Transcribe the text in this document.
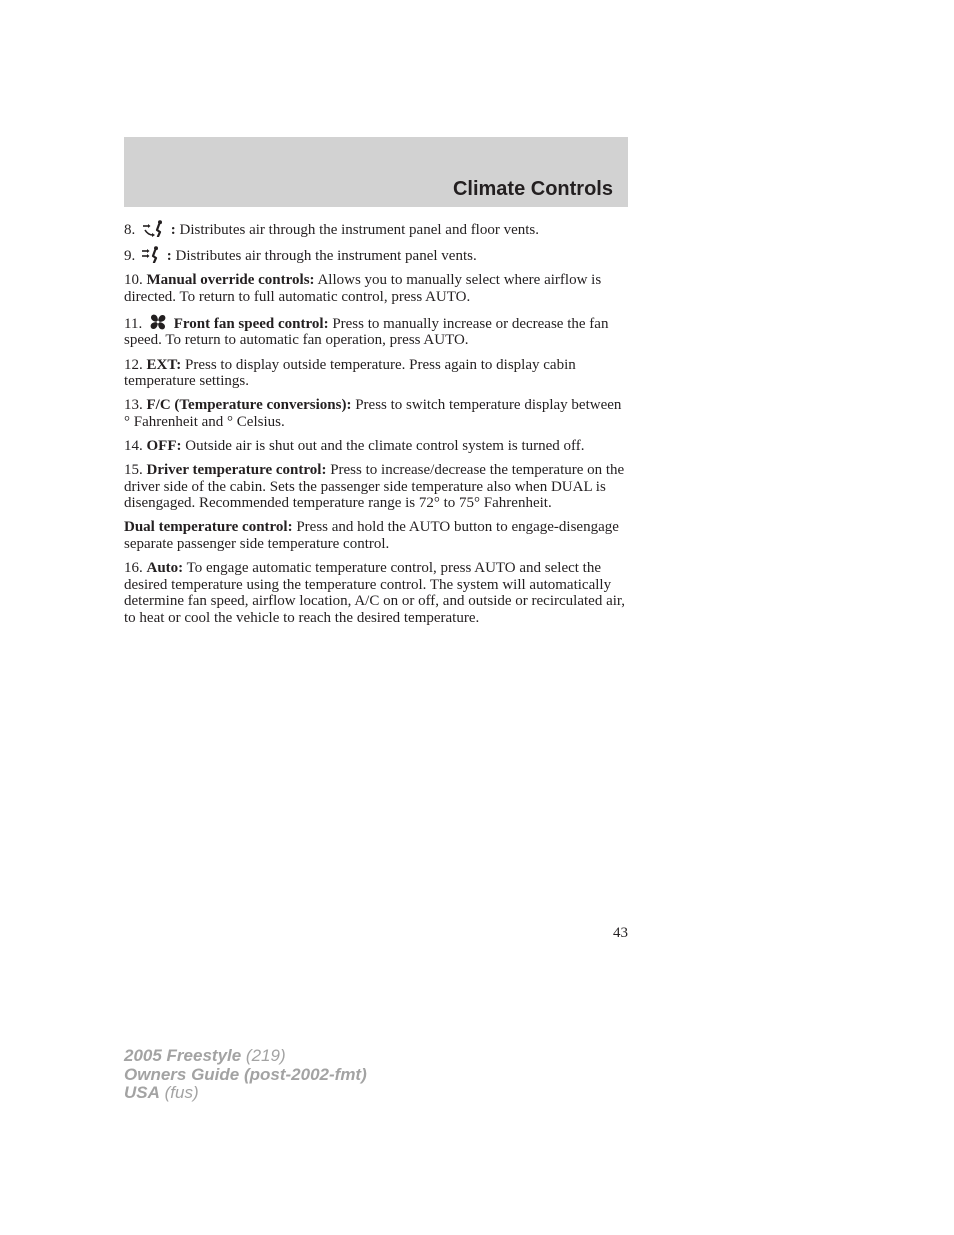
Climate Controls

8.  : Distributes air through the instrument panel and floor vents.

9.  : Distributes air through the instrument panel vents.

10. Manual override controls: Allows you to manually select where airflow is directed. To return to full automatic control, press AUTO.

11. Front fan speed control: Press to manually increase or decrease the fan speed. To return to automatic fan operation, press AUTO.

12. EXT: Press to display outside temperature. Press again to display cabin temperature settings.

13. F/C (Temperature conversions): Press to switch temperature display between ° Fahrenheit and ° Celsius.

14. OFF: Outside air is shut out and the climate control system is turned off.

15. Driver temperature control: Press to increase/decrease the temperature on the driver side of the cabin. Sets the passenger side temperature also when DUAL is disengaged. Recommended temperature range is 72° to 75° Fahrenheit.

Dual temperature control: Press and hold the AUTO button to engage-disengage separate passenger side temperature control.

16. Auto: To engage automatic temperature control, press AUTO and select the desired temperature using the temperature control. The system will automatically determine fan speed, airflow location, A/C on or off, and outside or recirculated air, to heat or cool the vehicle to reach the desired temperature.

43
2005 Freestyle (219)
Owners Guide (post-2002-fmt)
USA (fus)
